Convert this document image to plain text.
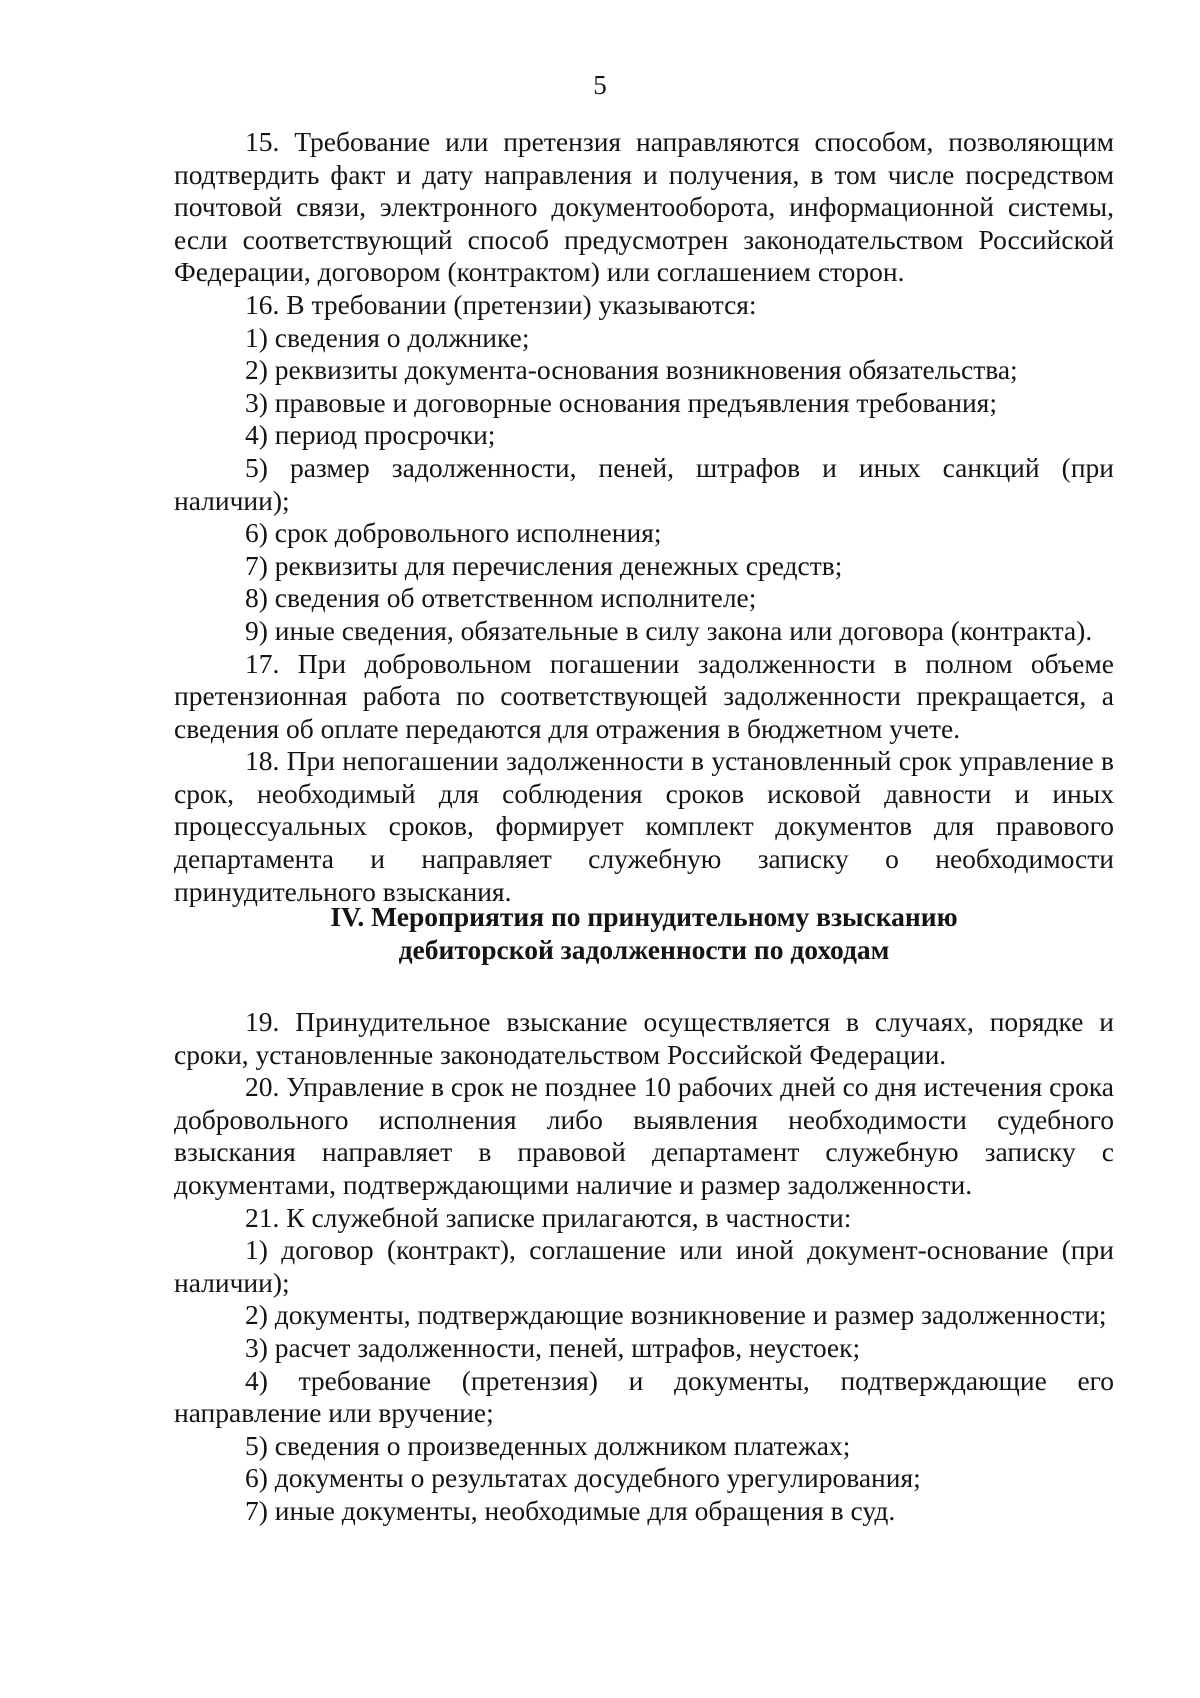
5

15. Требование или претензия направляются способом, позволяющим подтвердить факт и дату направления и получения, в том числе посредством почтовой связи, электронного документооборота, информационной системы, если соответствующий способ предусмотрен законодательством Российской Федерации, договором (контрактом) или соглашением сторон.

16. В требовании (претензии) указываются:

1) сведения о должнике;

2) реквизиты документа-основания возникновения обязательства;

3) правовые и договорные основания предъявления требования;

4) период просрочки;

5) размер задолженности, пеней, штрафов и иных санкций (при наличии);

6) срок добровольного исполнения;

7) реквизиты для перечисления денежных средств;

8) сведения об ответственном исполнителе;

9) иные сведения, обязательные в силу закона или договора (контракта).

17. При добровольном погашении задолженности в полном объеме претензионная работа по соответствующей задолженности прекращается, а сведения об оплате передаются для отражения в бюджетном учете.

18. При непогашении задолженности в установленный срок управление в срок, необходимый для соблюдения сроков исковой давности и иных процессуальных сроков, формирует комплект документов для правового департамента и направляет служебную записку о необходимости принудительного взыскания.

IV. Мероприятия по принудительному взысканию
дебиторской задолженности по доходам

19. Принудительное взыскание осуществляется в случаях, порядке и сроки, установленные законодательством Российской Федерации.

20. Управление в срок не позднее 10 рабочих дней со дня истечения срока добровольного исполнения либо выявления необходимости судебного взыскания направляет в правовой департамент служебную записку с документами, подтверждающими наличие и размер задолженности.

21. К служебной записке прилагаются, в частности:

1) договор (контракт), соглашение или иной документ-основание (при наличии);

2) документы, подтверждающие возникновение и размер задолженности;

3) расчет задолженности, пеней, штрафов, неустоек;

4) требование (претензия) и документы, подтверждающие его направление или вручение;

5) сведения о произведенных должником платежах;

6) документы о результатах досудебного урегулирования;

7) иные документы, необходимые для обращения в суд.
